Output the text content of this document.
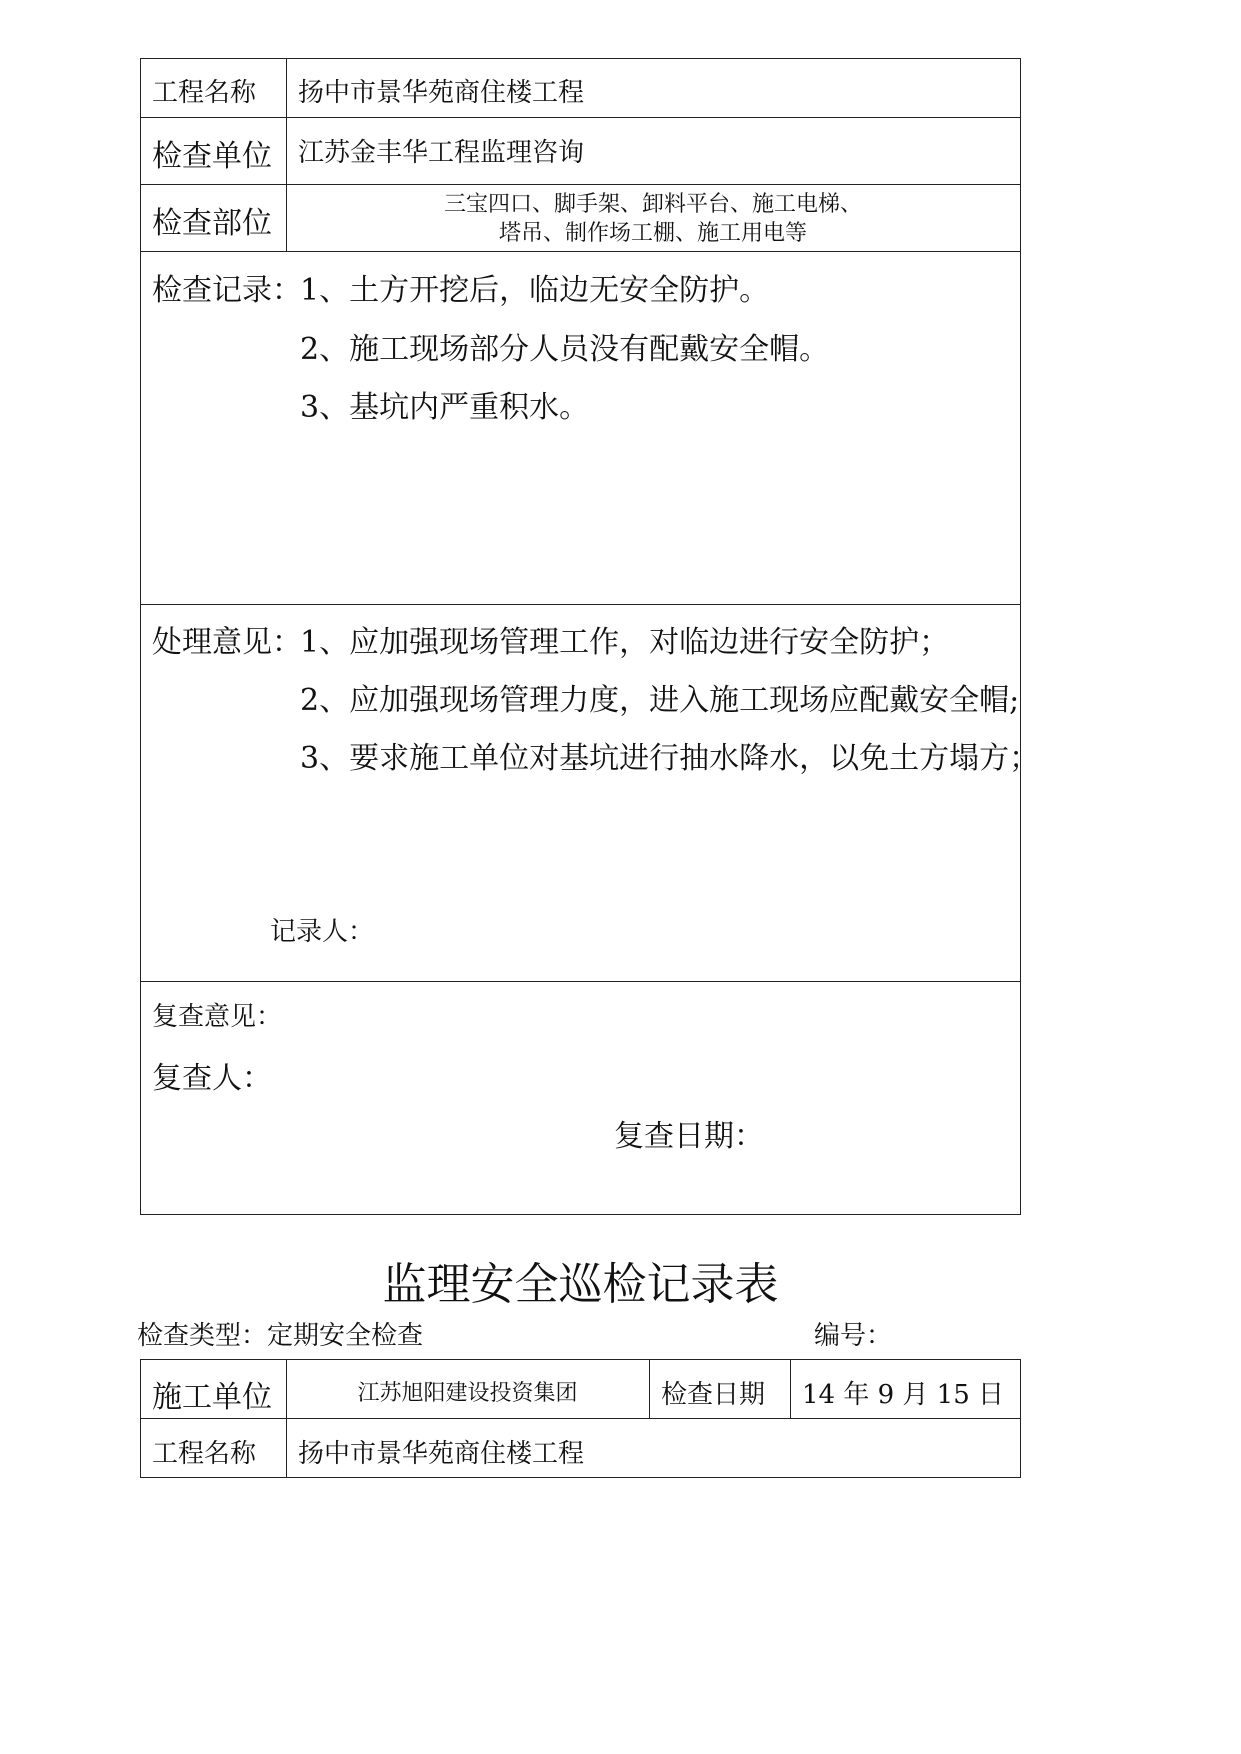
工程名称 扬中市景华苑商住楼工程
检查单位 江苏金丰华工程监理咨询
检查部位
三宝四口、脚手架、卸料平台、施工电梯、
塔吊、制作场工棚、施工用电等
检查记录：
1、土方开挖后，临边无安全防护。
2、施工现场部分人员没有配戴安全帽。
3、基坑内严重积水。
处理意见：
1、应加强现场管理工作，对临边进行安全防护；
2、应加强现场管理力度，进入施工现场应配戴安全帽;
3、要求施工单位对基坑进行抽水降水，以免土方塌方；
记录人：
复查意见：
复查人：
复查日期：
监理安全巡检记录表
检查类型：定期安全检查	编号：
施工单位	江苏旭阳建设投资集团	检查日期 14 年 9 月 15 日
工程名称 扬中市景华苑商住楼工程
